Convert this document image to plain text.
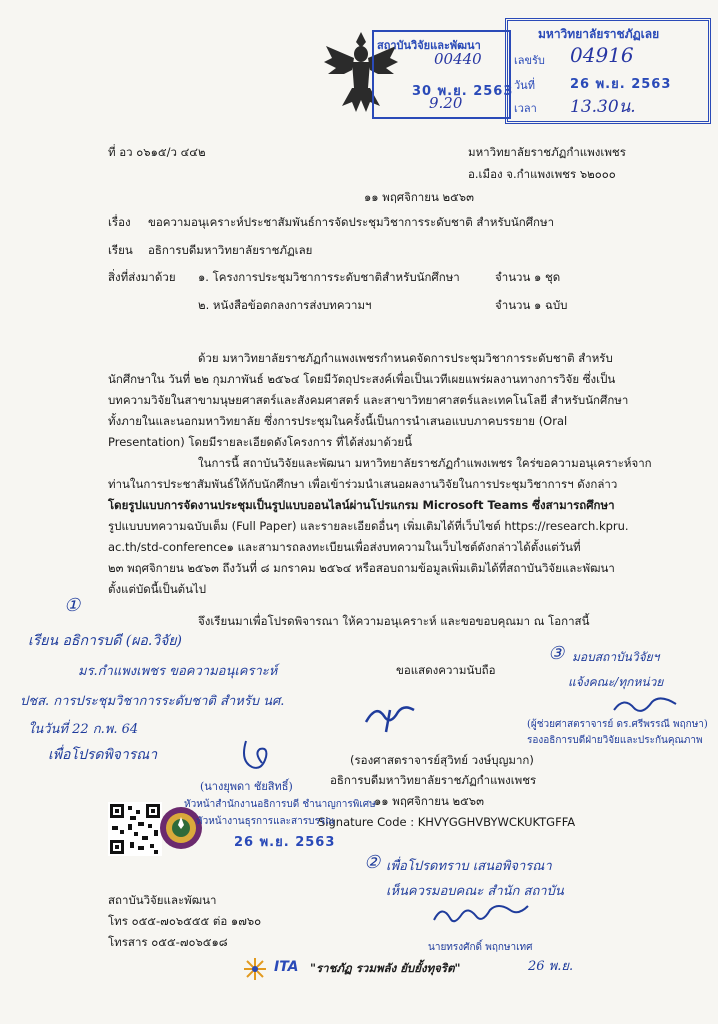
สถาบันวิจัยและพัฒนา
00440
30 พ.ย. 2563
9.20
มหาวิทยาลัยราชภัฏเลย
เลขรับ 04916
วันที่	26 พ.ย. 2563
เวลา 13.30น.
ที่ อว ๐๖๑๕/ว ๔๔๒	มหาวิทยาลัยราชภัฏกำแพงเพชร
อ.เมือง จ.กำแพงเพชร ๖๒๐๐๐
๑๑ พฤศจิกายน ๒๕๖๓
เรื่อง ขอความอนุเคราะห์ประชาสัมพันธ์การจัดประชุมวิชาการระดับชาติ สำหรับนักศึกษา
เรียน อธิการบดีมหาวิทยาลัยราชภัฏเลย
สิ่งที่ส่งมาด้วย ๑. โครงการประชุมวิชาการระดับชาติสำหรับนักศึกษา	จำนวน ๑ ชุด
๒. หนังสือข้อตกลงการส่งบทความฯ	จำนวน ๑ ฉบับ
ด้วย มหาวิทยาลัยราชภัฏกำแพงเพชรกำหนดจัดการประชุมวิชาการระดับชาติ สำหรับ
นักศึกษาใน วันที่ ๒๒ กุมภาพันธ์ ๒๕๖๔ โดยมีวัตถุประสงค์เพื่อเป็นเวทีเผยแพร่ผลงานทางการวิจัย ซึ่งเป็น
บทความวิจัยในสาขามนุษยศาสตร์และสังคมศาสตร์ และสาขาวิทยาศาสตร์และเทคโนโลยี สำหรับนักศึกษา
ทั้งภายในและนอกมหาวิทยาลัย ซึ่งการประชุมในครั้งนี้เป็นการนำเสนอแบบภาคบรรยาย (Oral
Presentation) โดยมีรายละเอียดดังโครงการ ที่ได้ส่งมาด้วยนี้
ในการนี้ สถาบันวิจัยและพัฒนา มหาวิทยาลัยราชภัฏกำแพงเพชร ใคร่ขอความอนุเคราะห์จาก
ท่านในการประชาสัมพันธ์ให้กับนักศึกษา เพื่อเข้าร่วมนำเสนอผลงานวิจัยในการประชุมวิชาการฯ ดังกล่าว
โดยรูปแบบการจัดงานประชุมเป็นรูปแบบออนไลน์ผ่านโปรแกรม Microsoft Teams ซึ่งสามารถศึกษา
รูปแบบบทความฉบับเต็ม (Full Paper) และรายละเอียดอื่นๆ เพิ่มเติมได้ที่เว็บไซต์ https://research.kpru.
ac.th/std-conference๑ และสามารถลงทะเบียนเพื่อส่งบทความในเว็บไซต์ดังกล่าวได้ตั้งแต่วันที่
๒๓ พฤศจิกายน ๒๕๖๓ ถึงวันที่ ๘ มกราคม ๒๕๖๔ หรือสอบถามข้อมูลเพิ่มเติมได้ที่สถาบันวิจัยและพัฒนา
ตั้งแต่บัดนี้เป็นต้นไป
จึงเรียนมาเพื่อโปรดพิจารณา ให้ความอนุเคราะห์ และขอขอบคุณมา ณ โอกาสนี้
ขอแสดงความนับถือ
(รองศาสตราจารย์สุวิทย์ วงษ์บุญมาก)
อธิการบดีมหาวิทยาลัยราชภัฏกำแพงเพชร
๑๑ พฤศจิกายน ๒๕๖๓
Signature Code : KHVYGGHVBYWCKUKTGFFA
สถาบันวิจัยและพัฒนา
โทร ๐๕๕-๗๐๖๕๕๕ ต่อ ๑๗๖๐
โทรสาร ๐๕๕-๗๐๖๕๑๘
ITA "ราชภัฏ รวมพลัง ยับยั้งทุจริต"
①
เรียน อธิการบดี (ผอ.วิจัย)
มร.กำแพงเพชร ขอความอนุเคราะห์
ปชส. การประชุมวิชาการระดับชาติ สำหรับ นศ.
ในวันที่ 22 ก.พ. 64
เพื่อโปรดพิจารณา
(นางยุพดา ชัยสิทธิ์)
หัวหน้าสำนักงานอธิการบดี ชำนาญการพิเศษ
หัวหน้างานธุรการและสารบรรณ
26 พ.ย. 2563
③ มอบสถาบันวิจัยฯ
แจ้งคณะ/ทุกหน่วย
(ผู้ช่วยศาสตราจารย์ ดร.ศรีพรรณี พฤกษา)
รองอธิการบดีฝ่ายวิจัยและประกันคุณภาพ
② เพื่อโปรดทราบ เสนอพิจารณา
เห็นควรมอบคณะ สำนัก สถาบัน
นายทรงศักดิ์ พฤกษาเทศ
26 พ.ย.
